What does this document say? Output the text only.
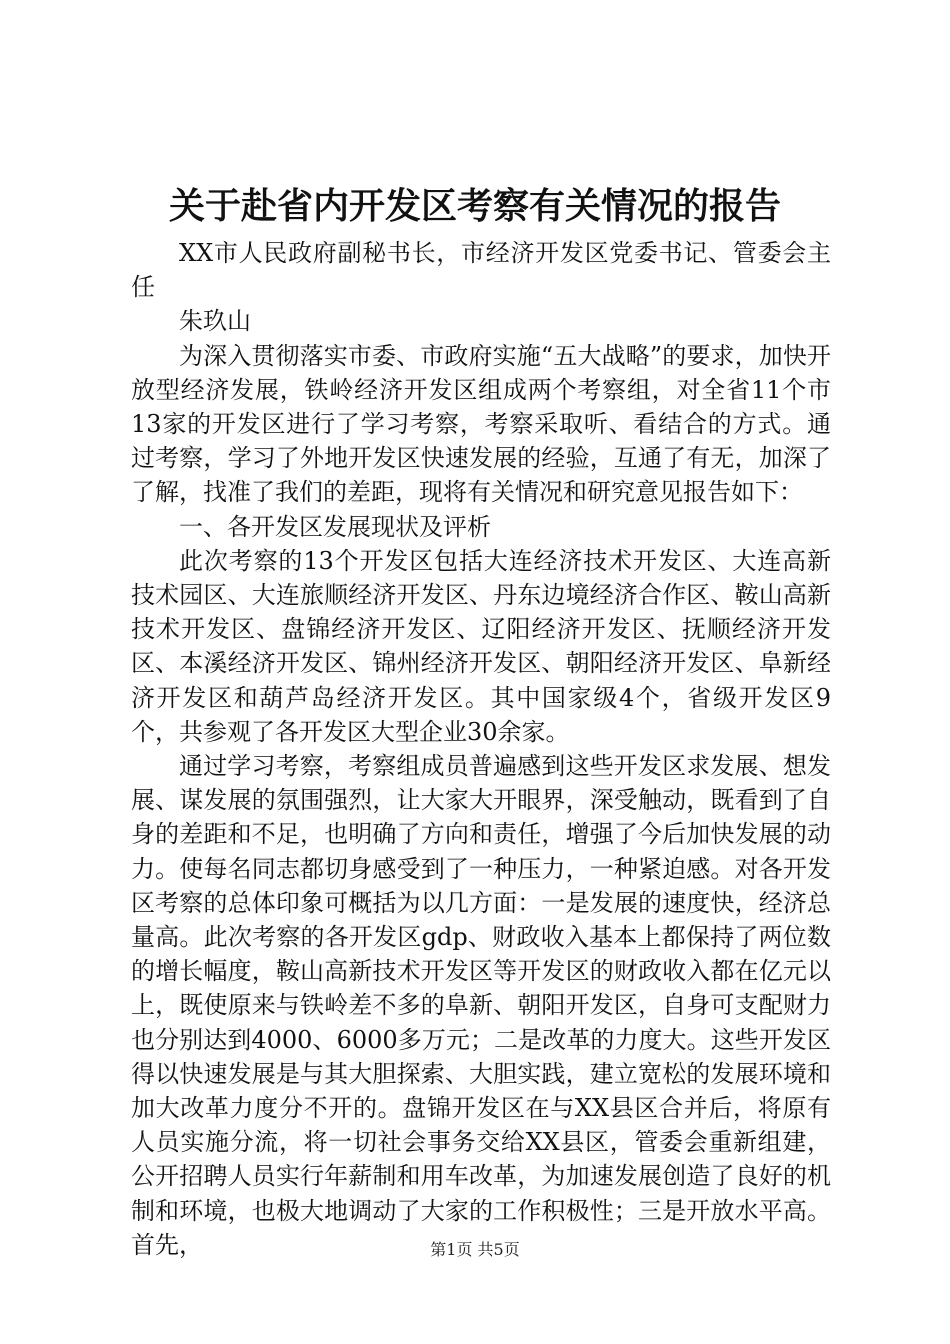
关于赴省内开发区考察有关情况的报告

XX市人民政府副秘书长，市经济开发区党委书记、管委会主任

朱玖山

为深入贯彻落实市委、市政府实施“五大战略”的要求，加快开放型经济发展，铁岭经济开发区组成两个考察组，对全省11个市13家的开发区进行了学习考察，考察采取听、看结合的方式。通过考察，学习了外地开发区快速发展的经验，互通了有无，加深了了解，找准了我们的差距，现将有关情况和研究意见报告如下：

一、各开发区发展现状及评析

此次考察的13个开发区包括大连经济技术开发区、大连高新技术园区、大连旅顺经济开发区、丹东边境经济合作区、鞍山高新技术开发区、盘锦经济开发区、辽阳经济开发区、抚顺经济开发区、本溪经济开发区、锦州经济开发区、朝阳经济开发区、阜新经济开发区和葫芦岛经济开发区。其中国家级4个，省级开发区9个，共参观了各开发区大型企业30余家。

通过学习考察，考察组成员普遍感到这些开发区求发展、想发展、谋发展的氛围强烈，让大家大开眼界，深受触动，既看到了自身的差距和不足，也明确了方向和责任，增强了今后加快发展的动力。使每名同志都切身感受到了一种压力，一种紧迫感。对各开发区考察的总体印象可概括为以几方面：一是发展的速度快，经济总量高。此次考察的各开发区gdp、财政收入基本上都保持了两位数的增长幅度，鞍山高新技术开发区等开发区的财政收入都在亿元以上，既使原来与铁岭差不多的阜新、朝阳开发区，自身可支配财力也分别达到4000、6000多万元；二是改革的力度大。这些开发区得以快速发展是与其大胆探索、大胆实践，建立宽松的发展环境和加大改革力度分不开的。盘锦开发区在与XX县区合并后，将原有人员实施分流，将一切社会事务交给XX县区，管委会重新组建，公开招聘人员实行年薪制和用车改革，为加速发展创造了良好的机制和环境，也极大地调动了大家的工作积极性；三是开放水平高。首先，	第1页 共5页
